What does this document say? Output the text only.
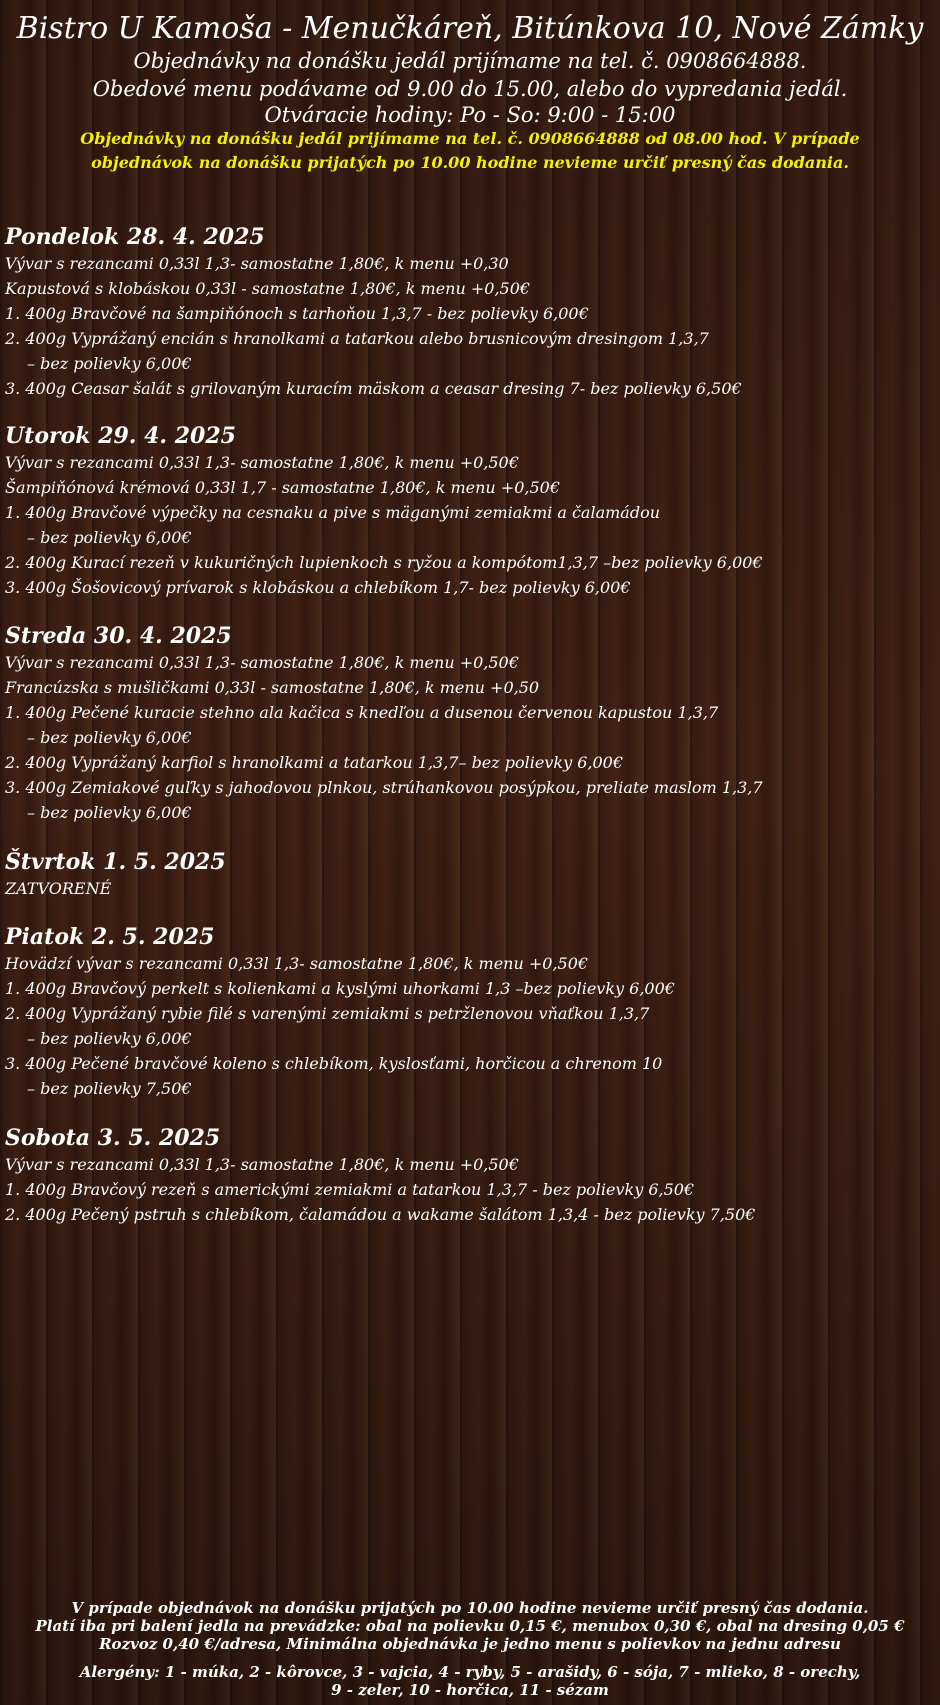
Bistro U Kamoša - Menučkáreň, Bitúnkova 10, Nové Zámky
Objednávky na donášku jedál prijímame na tel. č. 0908664888.
Obedové menu podávame od 9.00 do 15.00, alebo do vypredania jedál.
Otváracie hodiny: Po - So: 9:00 - 15:00
Objednávky na donášku jedál prijímame na tel. č. 0908664888 od 08.00 hod. V prípade objednávok na donášku prijatých po 10.00 hodine nevieme určiť presný čas dodania.
Pondelok 28. 4. 2025
Vývar s rezancami 0,33l 1,3- samostatne 1,80€, k menu +0,30
Kapustová s klobáskou 0,33l - samostatne 1,80€, k menu +0,50€
1. 400g Bravčové na šampiňónoch s tarhoňou 1,3,7 - bez polievky 6,00€
2. 400g Vyprážaný encián s hranolkami a tatarkou alebo brusnicovým dresingom 1,3,7
– bez polievky 6,00€
3. 400g Ceasar šalát s grilovaným kuracím mäskom a ceasar dresing 7- bez polievky 6,50€
Utorok 29. 4. 2025
Vývar s rezancami 0,33l 1,3- samostatne 1,80€, k menu +0,50€
Šampiňónová krémová 0,33l 1,7 - samostatne 1,80€, k menu +0,50€
1. 400g Bravčové výpečky na cesnaku a pive s mäganými zemiakmi a čalamádou
– bez polievky 6,00€
2. 400g Kurací rezeň v kukuričných lupienkoch s ryžou a kompótom1,3,7 –bez polievky 6,00€
3. 400g Šošovicový prívarok s klobáskou a chlebíkom 1,7- bez polievky 6,00€
Streda 30. 4. 2025
Vývar s rezancami 0,33l 1,3- samostatne 1,80€, k menu +0,50€
Francúzska s mušličkami 0,33l - samostatne 1,80€, k menu +0,50
1. 400g Pečené kuracie stehno ala kačica s knedľou a dusenou červenou kapustou 1,3,7
– bez polievky 6,00€
2. 400g Vyprážaný karfiol s hranolkami a tatarkou 1,3,7– bez polievky 6,00€
3. 400g Zemiakové guľky s jahodovou plnkou, strúhankovou posýpkou, preliate maslom 1,3,7
– bez polievky 6,00€
Štvrtok 1. 5. 2025
ZATVORENÉ
Piatok 2. 5. 2025
Hovädzí vývar s rezancami 0,33l 1,3- samostatne 1,80€, k menu +0,50€
1. 400g Bravčový perkelt s kolienkami a kyslými uhorkami 1,3 –bez polievky 6,00€
2. 400g Vyprážaný rybie filé s varenými zemiakmi s petržlenovou vňaťkou 1,3,7
– bez polievky 6,00€
3. 400g Pečené bravčové koleno s chlebíkom, kyslosťami, horčicou a chrenom 10
– bez polievky 7,50€
Sobota 3. 5. 2025
Vývar s rezancami 0,33l 1,3- samostatne 1,80€, k menu +0,50€
1. 400g Bravčový rezeň s americkými zemiakmi a tatarkou 1,3,7 - bez polievky 6,50€
2. 400g Pečený pstruh s chlebíkom, čalamádou a wakame šalátom 1,3,4 - bez polievky 7,50€
V prípade objednávok na donášku prijatých po 10.00 hodine nevieme určiť presný čas dodania.
Platí iba pri balení jedla na prevádzke: obal na polievku 0,15 €, menubox 0,30 €, obal na dresing 0,05 €
Rozvoz 0,40 €/adresa, Minimálna objednávka je jedno menu s polievkov na jednu adresu
Alergény: 1 - múka, 2 - kôrovce, 3 - vajcia, 4 - ryby, 5 - arašidy, 6 - sója, 7 - mlieko, 8 - orechy,
9 - zeler, 10 - horčica, 11 - sézam
